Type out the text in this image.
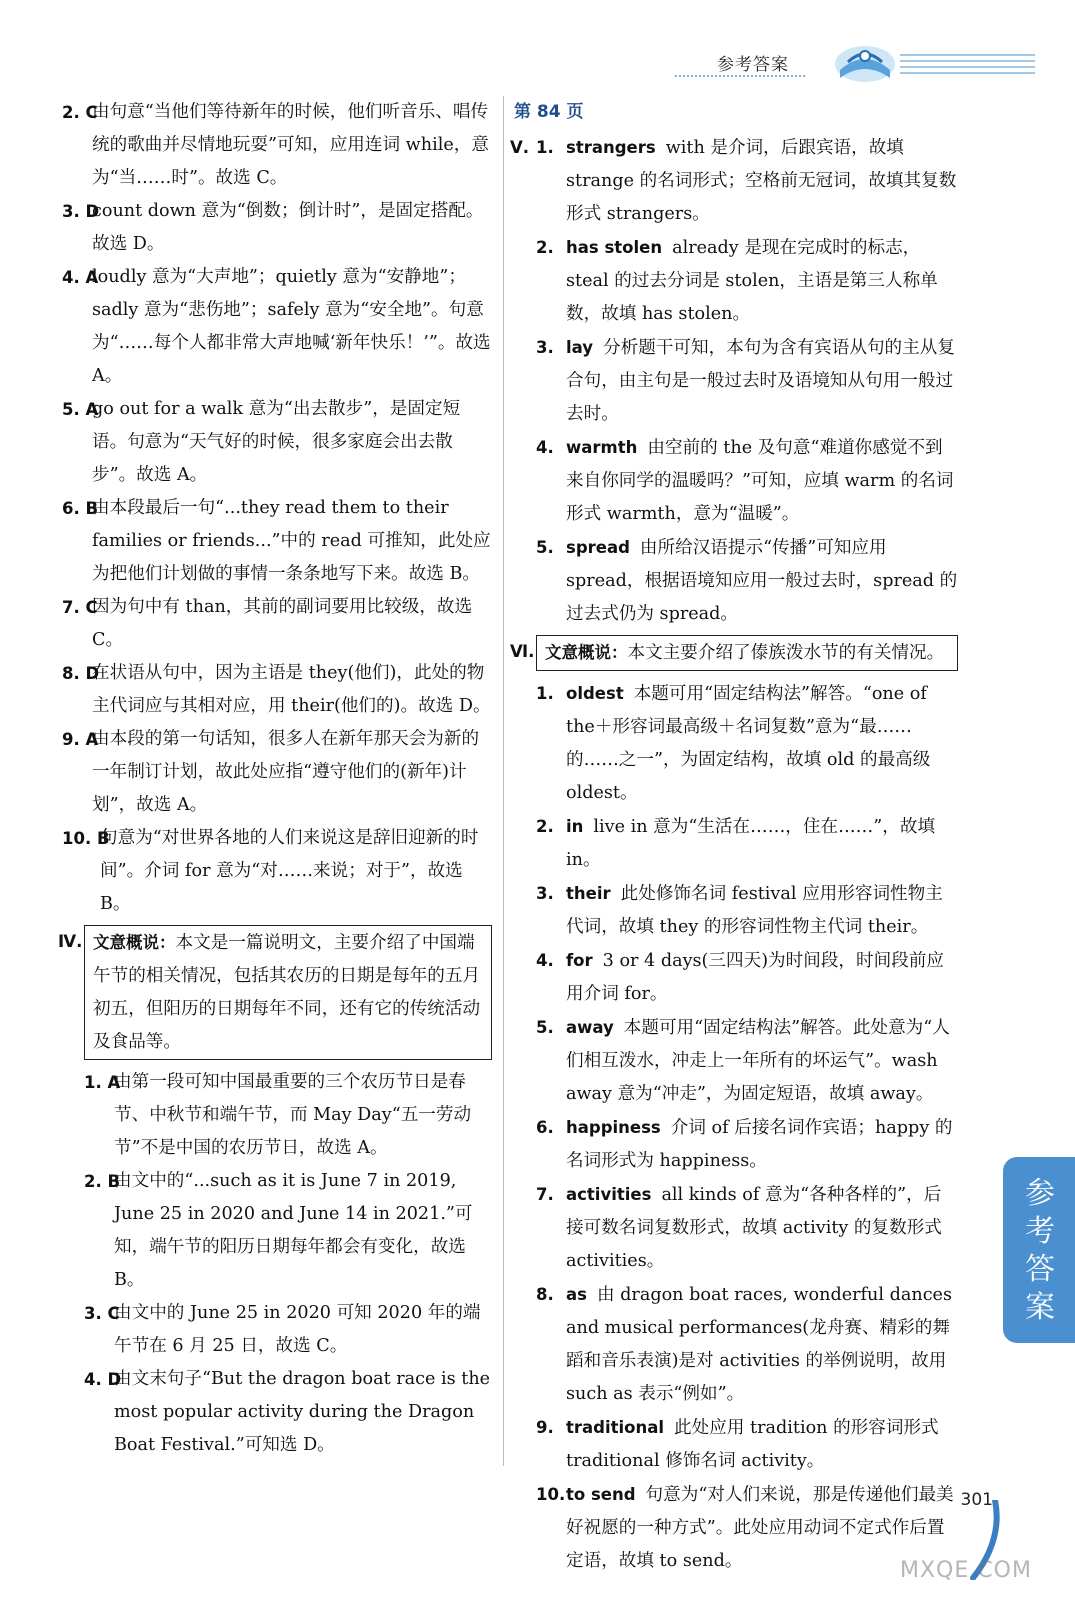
参考答案
2. C
由句意“当他们等待新年的时候，他们听音乐、唱传统的歌曲并尽情地玩耍”可知，应用连词 while，意为“当……时”。故选 C。
3. D
count down 意为“倒数；倒计时”，是固定搭配。故选 D。
4. A
loudly 意为“大声地”；quietly 意为“安静地”；sadly 意为“悲伤地”；safely 意为“安全地”。句意为“……每个人都非常大声地喊‘新年快乐！’”。故选 A。
5. A
go out for a walk 意为“出去散步”，是固定短语。句意为“天气好的时候，很多家庭会出去散步”。故选 A。
6. B
由本段最后一句“...they read them to their families or friends...”中的 read 可推知，此处应为把他们计划做的事情一条条地写下来。故选 B。
7. C
因为句中有 than，其前的副词要用比较级，故选 C。
8. D
在状语从句中，因为主语是 they(他们)，此处的物主代词应与其相对应，用 their(他们的)。故选 D。
9. A
由本段的第一句话知，很多人在新年那天会为新的一年制订计划，故此处应指“遵守他们的(新年)计划”，故选 A。
10. B
句意为“对世界各地的人们来说这是辞旧迎新的时间”。介词 for 意为“对……来说；对于”，故选 B。
Ⅳ. 文意概说：本文是一篇说明文，主要介绍了中国端午节的相关情况，包括其农历的日期是每年的五月初五，但阳历的日期每年不同，还有它的传统活动及食品等。
1. A
由第一段可知中国最重要的三个农历节日是春节、中秋节和端午节，而 May Day“五一劳动节”不是中国的农历节日，故选 A。
2. B
由文中的“...such as it is June 7 in 2019, June 25 in 2020 and June 14 in 2021.”可知，端午节的阳历日期每年都会有变化，故选 B。
3. C
由文中的 June 25 in 2020 可知 2020 年的端午节在 6 月 25 日，故选 C。
4. D
由文末句子“But the dragon boat race is the most popular activity during the Dragon Boat Festival.”可知选 D。
第 84 页
Ⅴ. 1. strangers with 是介词，后跟宾语，故填 strange 的名词形式；空格前无冠词，故填其复数形式 strangers。
2. has stolen already 是现在完成时的标志，steal 的过去分词是 stolen，主语是第三人称单数，故填 has stolen。
3. lay 分析题干可知，本句为含有宾语从句的主从复合句，由主句是一般过去时及语境知从句用一般过去时。
4. warmth 由空前的 the 及句意“难道你感觉不到来自你同学的温暖吗？”可知，应填 warm 的名词形式 warmth，意为“温暖”。
5. spread 由所给汉语提示“传播”可知应用 spread，根据语境知应用一般过去时，spread 的过去式仍为 spread。
Ⅵ. 文意概说：本文主要介绍了傣族泼水节的有关情况。
1. oldest 本题可用“固定结构法”解答。“one of the＋形容词最高级＋名词复数”意为“最……的……之一”，为固定结构，故填 old 的最高级 oldest。
2. in live in 意为“生活在……，住在……”，故填 in。
3. their 此处修饰名词 festival 应用形容词性物主代词，故填 they 的形容词性物主代词 their。
4. for 3 or 4 days(三四天)为时间段，时间段前应用介词 for。
5. away 本题可用“固定结构法”解答。此处意为“人们相互泼水，冲走上一年所有的坏运气”。wash away 意为“冲走”，为固定短语，故填 away。
6. happiness 介词 of 后接名词作宾语；happy 的名词形式为 happiness。
7. activities all kinds of 意为“各种各样的”，后接可数名词复数形式，故填 activity 的复数形式 activities。
8. as 由 dragon boat races, wonderful dances and musical performances(龙舟赛、精彩的舞蹈和音乐表演)是对 activities 的举例说明，故用 such as 表示“例如”。
9. traditional 此处应用 tradition 的形容词形式 traditional 修饰名词 activity。
10. to send 句意为“对人们来说，那是传递他们最美好祝愿的一种方式”。此处应用动词不定式作后置定语，故填 to send。
参考答案
301
MXQE.COM
